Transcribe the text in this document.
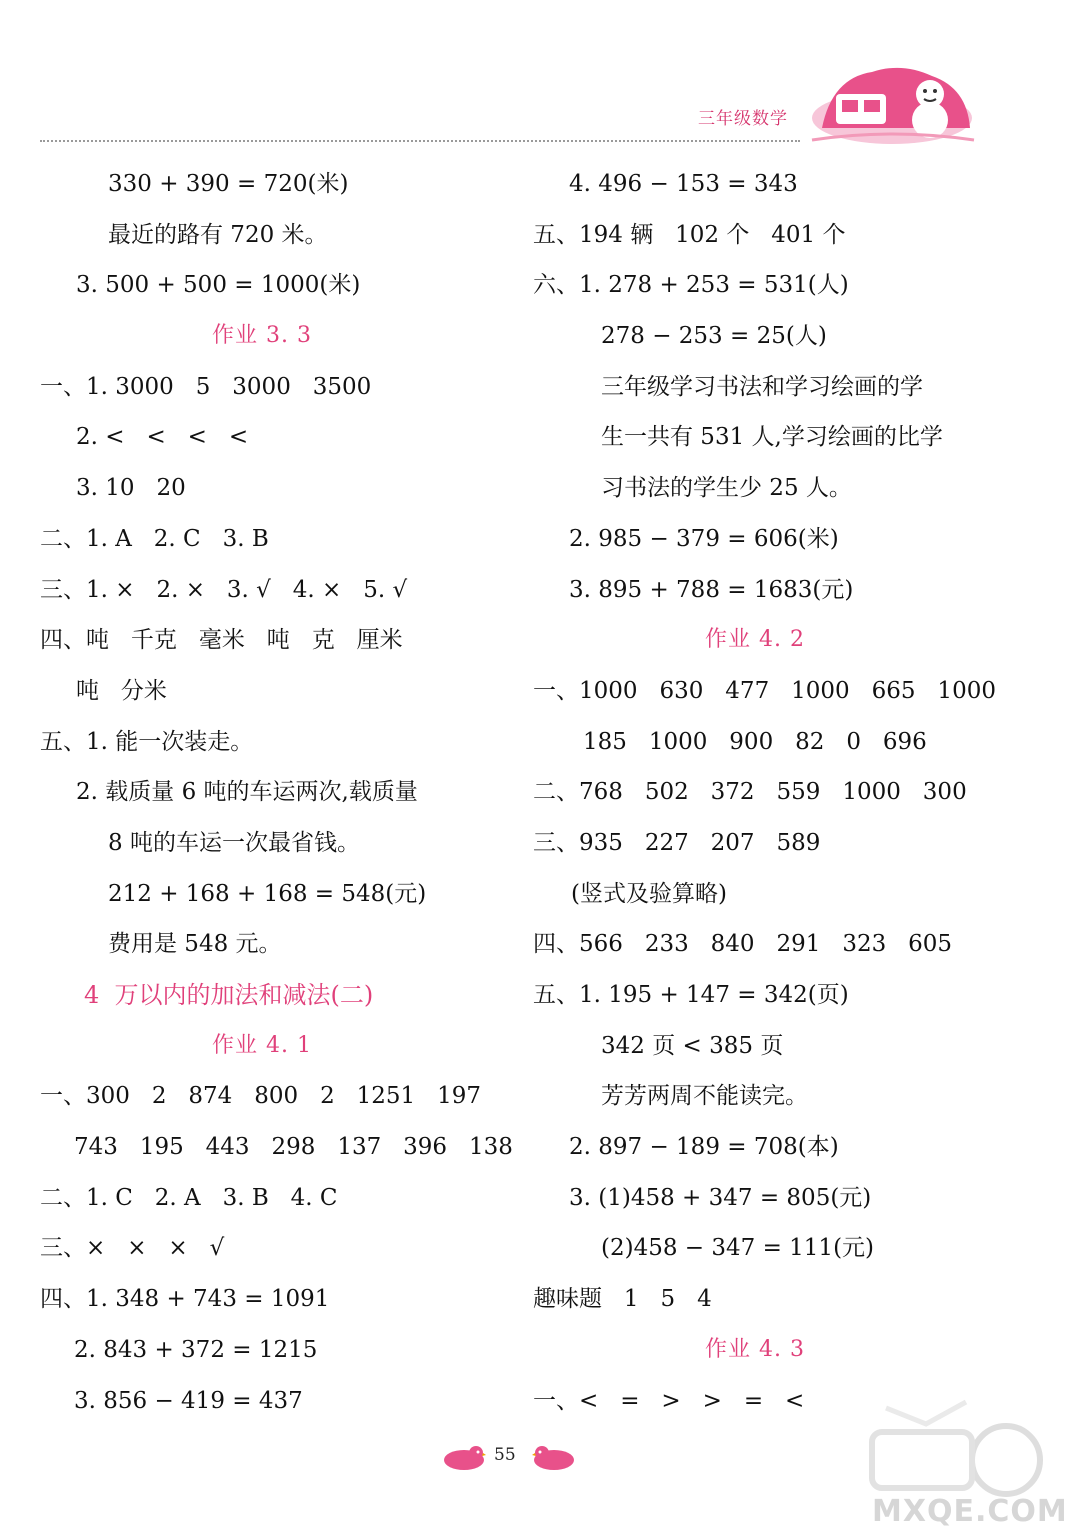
三年级数学
330 + 390 = 720(米)
最近的路有 720 米。
3. 500 + 500 = 1000(米)
作业 3. 3
一、1. 3000   5   3000   3500
2. <   <   <   <
3. 10   20
二、1. A   2. C   3. B
三、1. ×   2. ×   3. √   4. ×   5. √
四、吨   千克   毫米   吨   克   厘米
吨   分米
五、1. 能一次装走。
2. 载质量 6 吨的车运两次,载质量
8 吨的车运一次最省钱。
212 + 168 + 168 = 548(元)
费用是 548 元。
4  万以内的加法和减法(二)
作业 4. 1
一、300   2   874   800   2   1251   197
743   195   443   298   137   396   138
二、1. C   2. A   3. B   4. C
三、×   ×   ×   √
四、1. 348 + 743 = 1091
2. 843 + 372 = 1215
3. 856 − 419 = 437
4. 496 − 153 = 343
五、194 辆   102 个   401 个
六、1. 278 + 253 = 531(人)
278 − 253 = 25(人)
三年级学习书法和学习绘画的学
生一共有 531 人,学习绘画的比学
习书法的学生少 25 人。
2. 985 − 379 = 606(米)
3. 895 + 788 = 1683(元)
作业 4. 2
一、1000   630   477   1000   665   1000
185   1000   900   82   0   696
二、768   502   372   559   1000   300
三、935   227   207   589
(竖式及验算略)
四、566   233   840   291   323   605
五、1. 195 + 147 = 342(页)
342 页 < 385 页
芳芳两周不能读完。
2. 897 − 189 = 708(本)
3. (1)458 + 347 = 805(元)
(2)458 − 347 = 111(元)
趣味题   1   5   4
作业 4. 3
一、<   =   >   >   =   <
55
MXQE.COM
